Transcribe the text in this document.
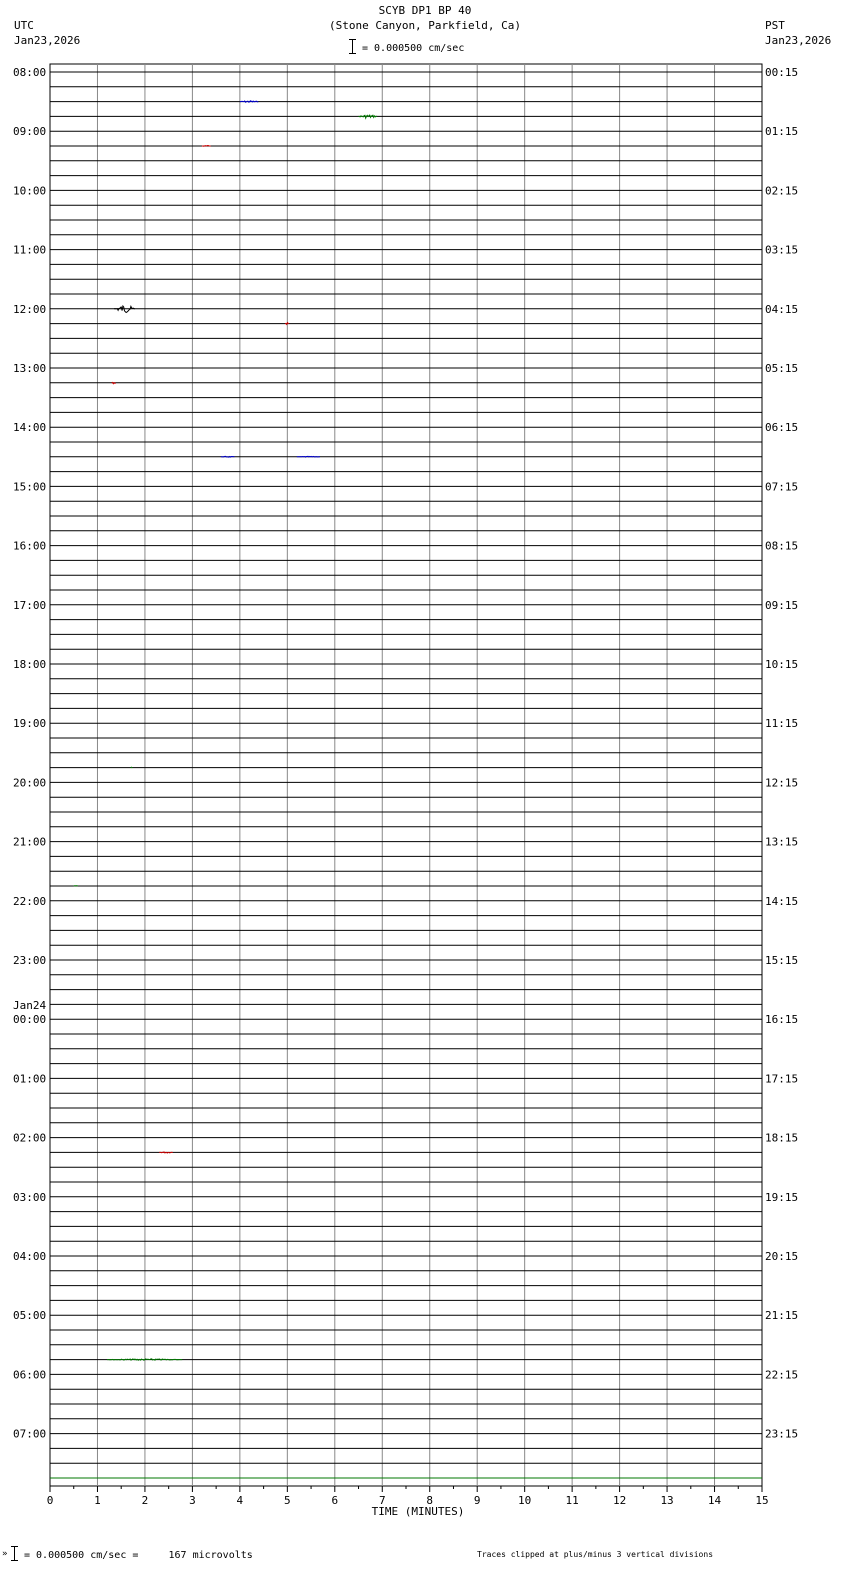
SCYB DP1 BP 40
(Stone Canyon, Parkfield, Ca)
UTC
Jan23,2026
PST
Jan23,2026
= 0.000500 cm/sec
08:00
09:00
10:00
11:00
12:00
13:00
14:00
15:00
16:00
17:00
18:00
19:00
20:00
21:00
22:00
23:00
00:00
Jan24
01:00
02:00
03:00
04:00
05:00
06:00
07:00
00:15
01:15
02:15
03:15
04:15
05:15
06:15
07:15
08:15
09:15
10:15
11:15
12:15
13:15
14:15
15:15
16:15
17:15
18:15
19:15
20:15
21:15
22:15
23:15
0	1	2	3	4	5	6	7	8	9	10	11	12	13	14	15
TIME (MINUTES)
» = 0.000500 cm/sec =     167 microvolts	Traces clipped at plus/minus 3 vertical divisions
